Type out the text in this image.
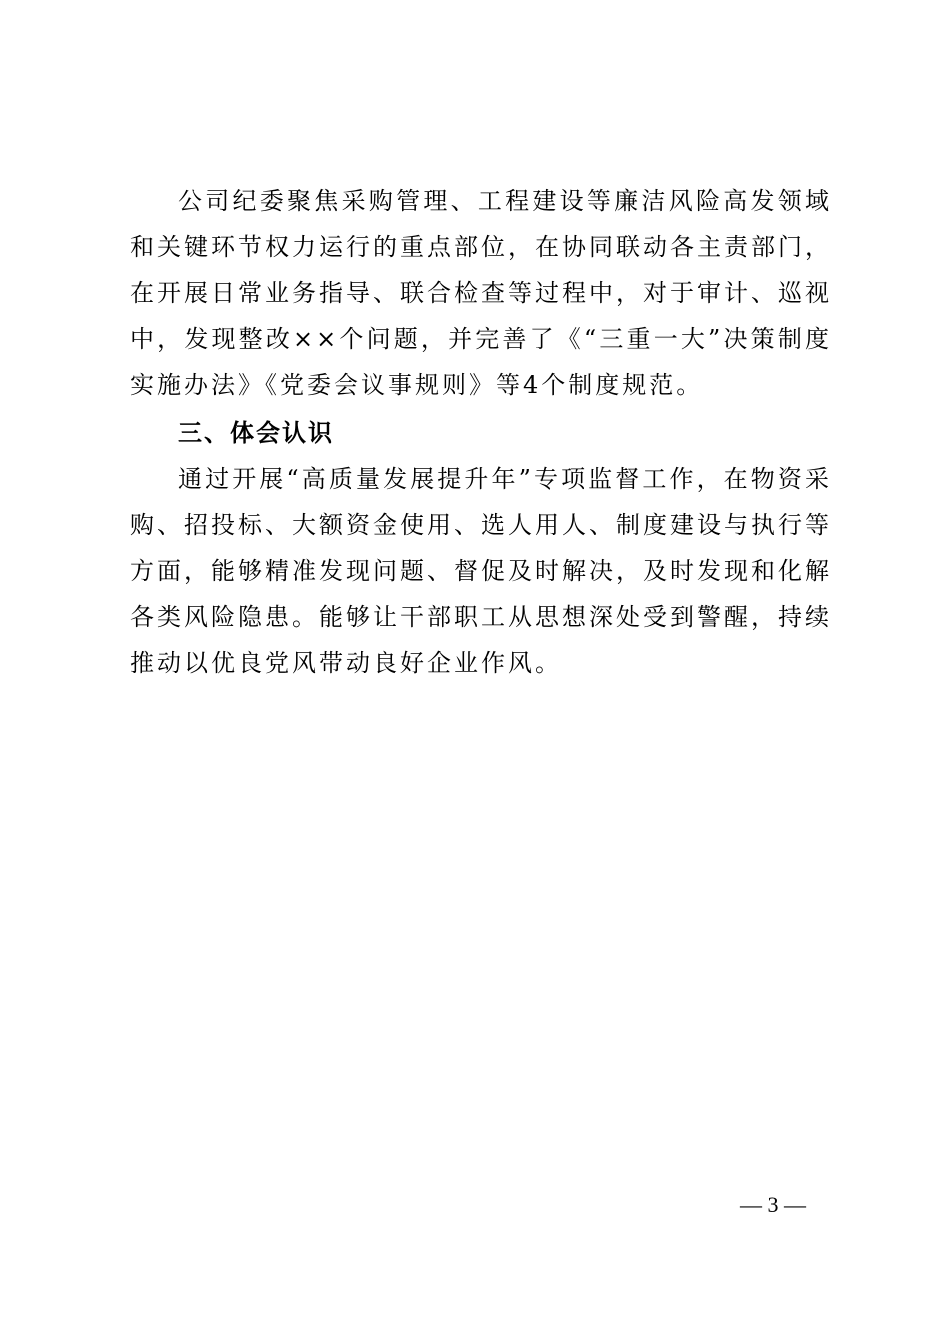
公司纪委聚焦采购管理、工程建设等廉洁风险高发领域和关键环节权力运行的重点部位，在协同联动各主责部门，在开展日常业务指导、联合检查等过程中，对于审计、巡视中，发现整改××个问题，并完善了《“三重一大”决策制度实施办法》《党委会议事规则》等4个制度规范。

三、体会认识

通过开展“高质量发展提升年”专项监督工作，在物资采购、招投标、大额资金使用、选人用人、制度建设与执行等方面，能够精准发现问题、督促及时解决，及时发现和化解各类风险隐患。能够让干部职工从思想深处受到警醒，持续推动以优良党风带动良好企业作风。

— 3 —
